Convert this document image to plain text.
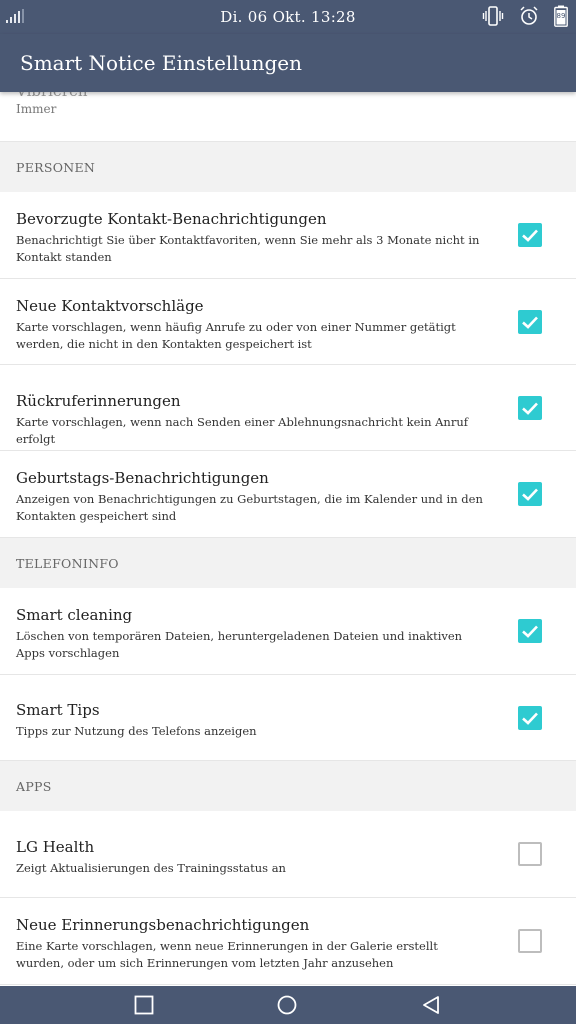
Di. 06 Okt. 13:28	89
Smart Notice Einstellungen
Immer
PERSONEN
Bevorzugte Kontakt-Benachrichtigungen
Benachrichtigt Sie über Kontaktfavoriten, wenn Sie mehr als 3 Monate nicht in Kontakt standen
Neue Kontaktvorschläge
Karte vorschlagen, wenn häufig Anrufe zu oder von einer Nummer getätigt werden, die nicht in den Kontakten gespeichert ist
Rückruferinnerungen
Karte vorschlagen, wenn nach Senden einer Ablehnungsnachricht kein Anruf erfolgt
Geburtstags-Benachrichtigungen
Anzeigen von Benachrichtigungen zu Geburtstagen, die im Kalender und in den Kontakten gespeichert sind
TELEFONINFO
Smart cleaning
Löschen von temporären Dateien, heruntergeladenen Dateien und inaktiven Apps vorschlagen
Smart Tips
Tipps zur Nutzung des Telefons anzeigen
APPS
LG Health
Zeigt Aktualisierungen des Trainingsstatus an
Neue Erinnerungsbenachrichtigungen
Eine Karte vorschlagen, wenn neue Erinnerungen in der Galerie erstellt wurden, oder um sich Erinnerungen vom letzten Jahr anzusehen
